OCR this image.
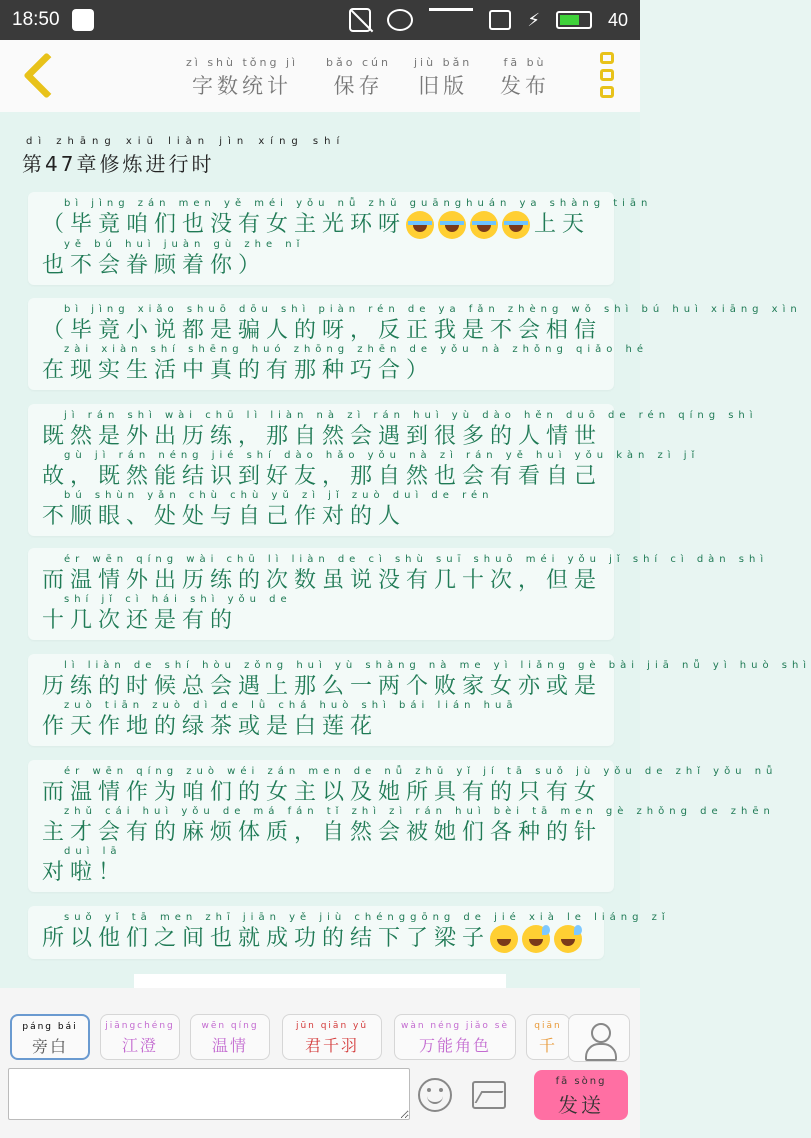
18:50	⚡	40
zì shù tǒng jì
字数统计
bǎo cún
保存
jiù bǎn
旧版
fā bù
发布
dì zhāng xiū liàn jìn xíng shí
第47章修炼进行时
bì jìng zán men yě méi yǒu nǚ zhǔ guānghuán ya shàng tiān
（毕竟咱们也没有女主光环呀	上天
yě bú huì juàn gù zhe nǐ
也不会眷顾着你）
bì jìng xiǎo shuō dōu shì piàn rén de ya fǎn zhèng wǒ shì bú huì xiāng xìn
（毕竟小说都是骗人的呀，反正我是不会相信
zài xiàn shí shēng huó zhōng zhēn de yǒu nà zhǒng qiǎo hé
在现实生活中真的有那种巧合）
jì rán shì wài chū lì liàn nà zì rán huì yù dào hěn duō de rén qíng shì
既然是外出历练，那自然会遇到很多的人情世
gù jì rán néng jié shí dào hǎo yǒu nà zì rán yě huì yǒu kàn zì jǐ
故，既然能结识到好友，那自然也会有看自己
bú shùn yǎn chù chù yǔ zì jǐ zuò duì de rén
不顺眼、处处与自己作对的人
ér wēn qíng wài chū lì liàn de cì shù suī shuō méi yǒu jǐ shí cì dàn shì
而温情外出历练的次数虽说没有几十次，但是
shí jǐ cì hái shì yǒu de
十几次还是有的
lì liàn de shí hòu zǒng huì yù shàng nà me yì liǎng gè bài jiā nǚ yì huò shì
历练的时候总会遇上那么一两个败家女亦或是
zuò tiān zuò dì de lǜ chá huò shì bái lián huā
作天作地的绿茶或是白莲花
ér wēn qíng zuò wéi zán men de nǚ zhǔ yǐ jí tā suǒ jù yǒu de zhǐ yǒu nǚ
而温情作为咱们的女主以及她所具有的只有女
zhǔ cái huì yǒu de má fán tǐ zhì zì rán huì bèi tā men gè zhǒng de zhēn
主才会有的麻烦体质，自然会被她们各种的针
duì lā
对啦！
suǒ yǐ tā men zhī jiān yě jiù chénggōng de jié xià le liáng zǐ
所以他们之间也就成功的结下了梁子
páng bái
旁白
jiāngchéng
江澄
wēn qíng
温情
jūn qiān yǔ
君千羽
wàn néng jiǎo sè
万能角色
qiān
千
fā sòng
发送
